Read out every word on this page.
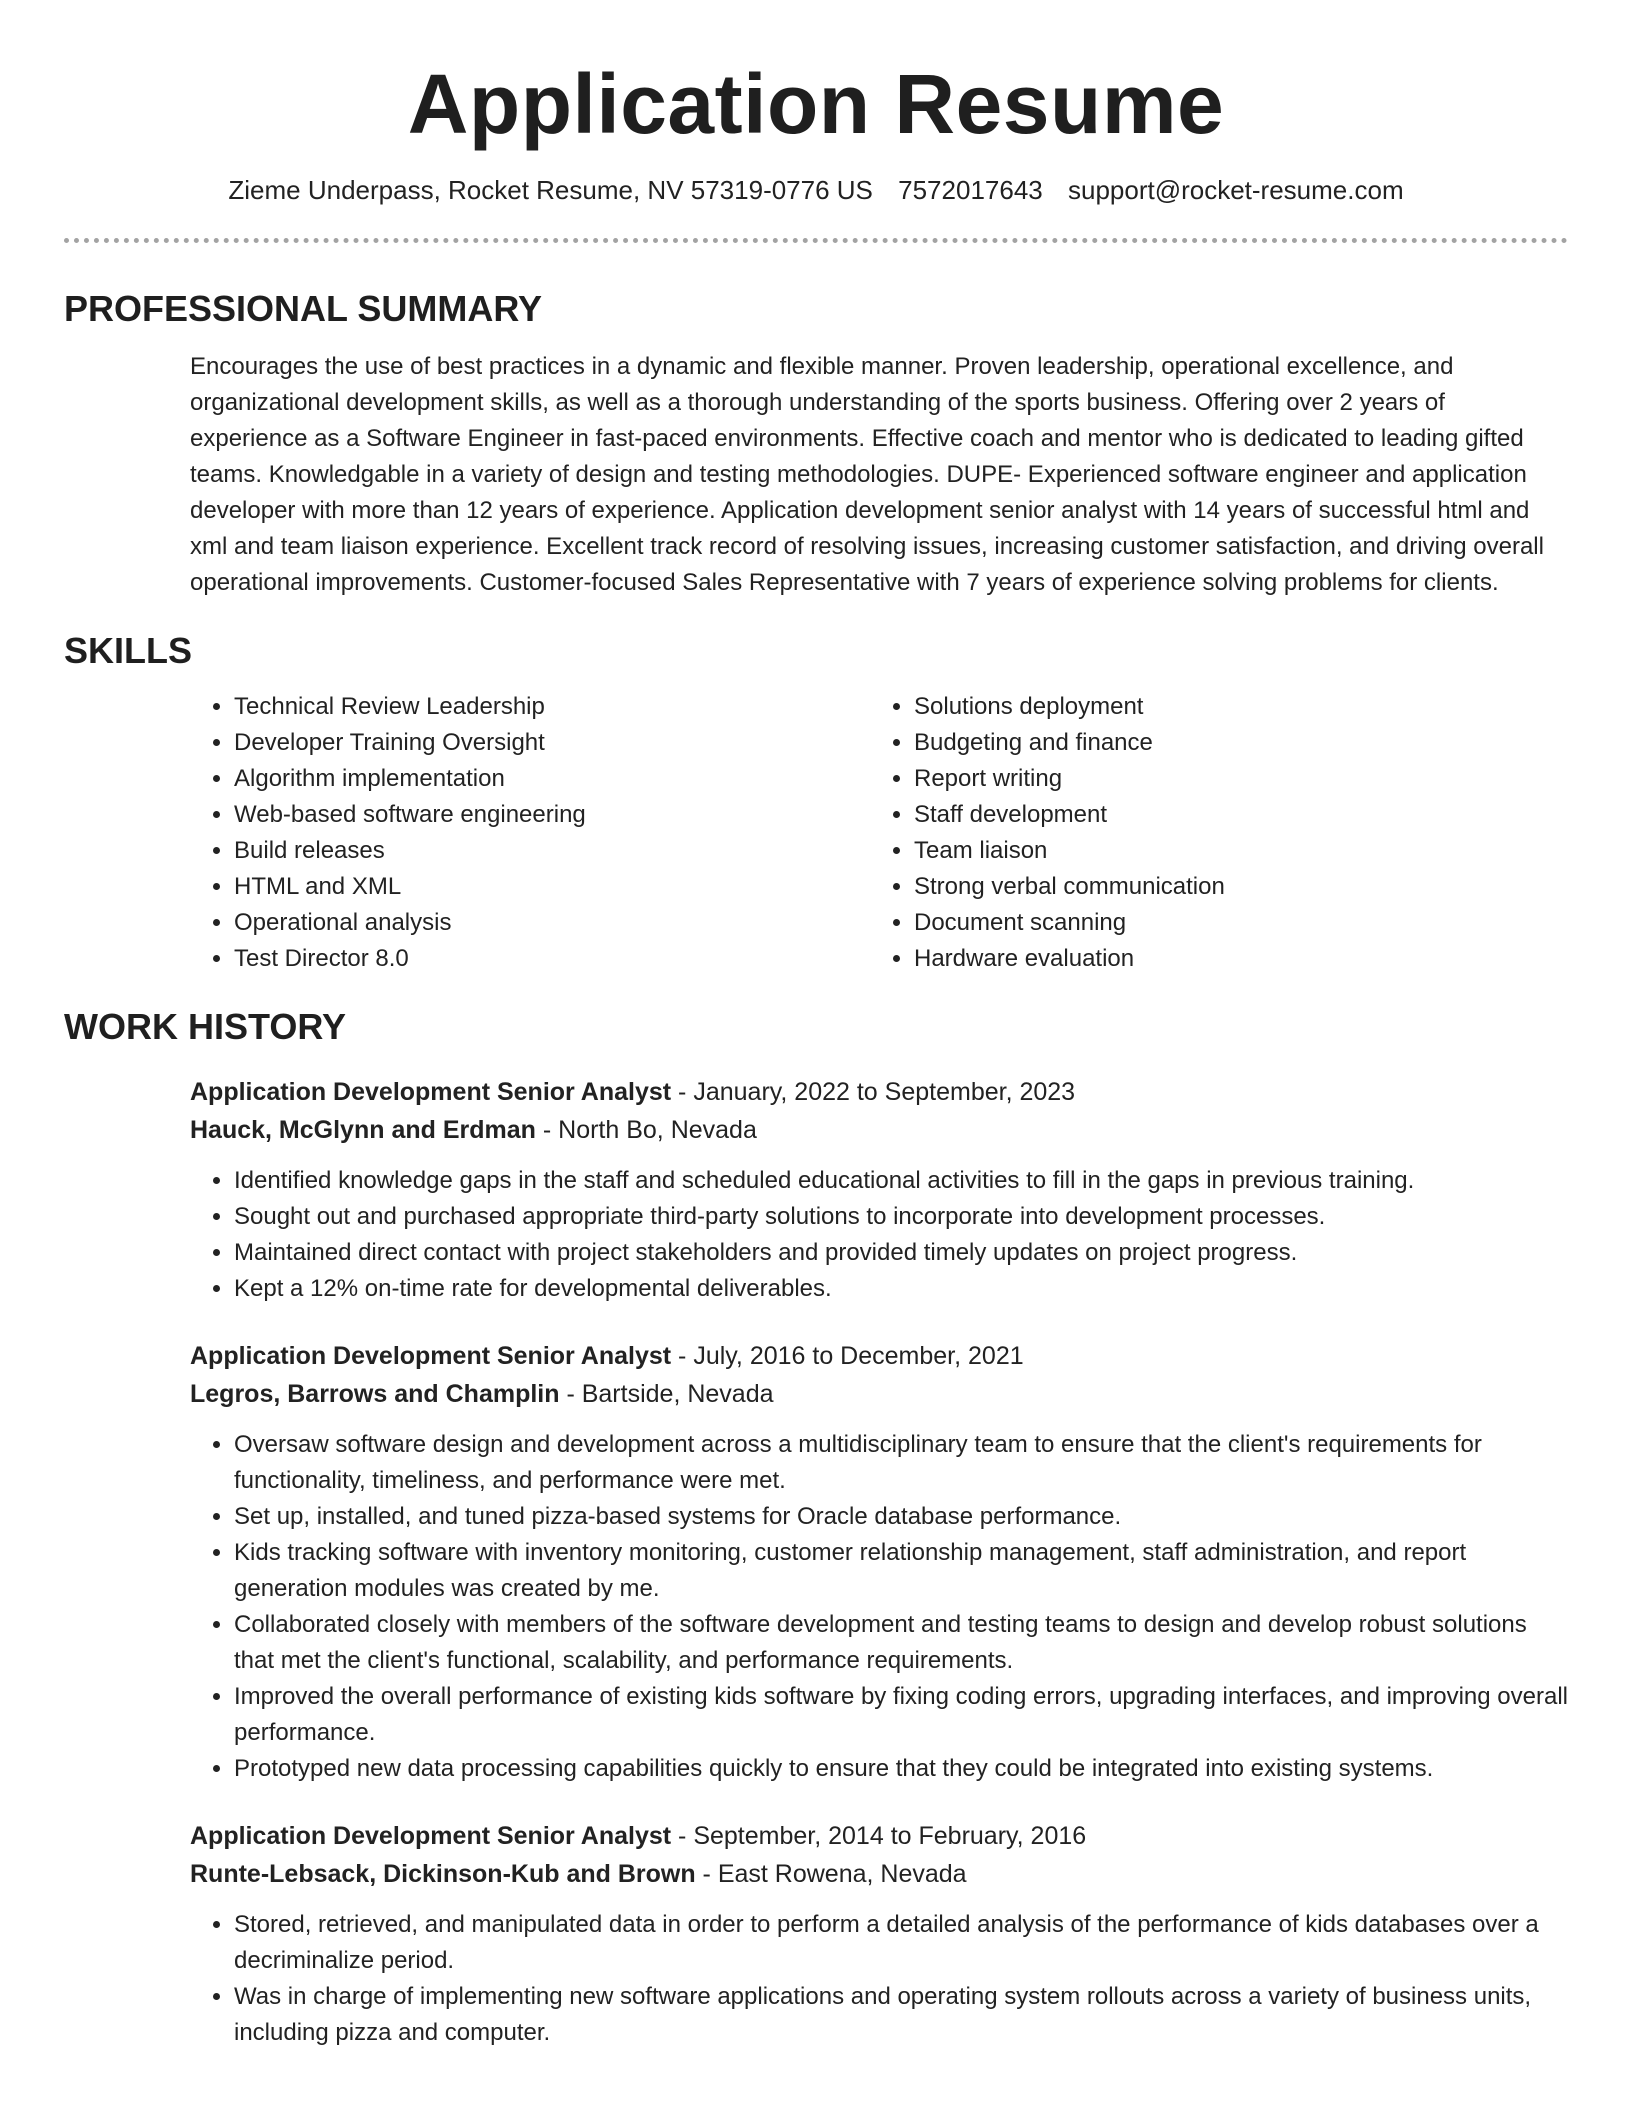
Application Resume
Zieme Underpass, Rocket Resume, NV 57319-0776 US 7572017643 support@rocket-resume.com
PROFESSIONAL SUMMARY

Encourages the use of best practices in a dynamic and flexible manner. Proven leadership, operational excellence, and organizational development skills, as well as a thorough understanding of the sports business. Offering over 2 years of experience as a Software Engineer in fast-paced environments. Effective coach and mentor who is dedicated to leading gifted teams. Knowledgable in a variety of design and testing methodologies. DUPE- Experienced software engineer and application developer with more than 12 years of experience. Application development senior analyst with 14 years of successful html and xml and team liaison experience. Excellent track record of resolving issues, increasing customer satisfaction, and driving overall operational improvements. Customer-focused Sales Representative with 7 years of experience solving problems for clients.

SKILLS
• Technical Review Leadership
• Developer Training Oversight
• Algorithm implementation
• Web-based software engineering
• Build releases
• HTML and XML
• Operational analysis
• Test Director 8.0
• Solutions deployment
• Budgeting and finance
• Report writing
• Staff development
• Team liaison
• Strong verbal communication
• Document scanning
• Hardware evaluation
WORK HISTORY
Application Development Senior Analyst - January, 2022 to September, 2023
Hauck, McGlynn and Erdman - North Bo, Nevada
• Identified knowledge gaps in the staff and scheduled educational activities to fill in the gaps in previous training.
• Sought out and purchased appropriate third-party solutions to incorporate into development processes.
• Maintained direct contact with project stakeholders and provided timely updates on project progress.
• Kept a 12% on-time rate for developmental deliverables.
Application Development Senior Analyst - July, 2016 to December, 2021
Legros, Barrows and Champlin - Bartside, Nevada
• Oversaw software design and development across a multidisciplinary team to ensure that the client's requirements for functionality, timeliness, and performance were met.
• Set up, installed, and tuned pizza-based systems for Oracle database performance.
• Kids tracking software with inventory monitoring, customer relationship management, staff administration, and report generation modules was created by me.
• Collaborated closely with members of the software development and testing teams to design and develop robust solutions that met the client's functional, scalability, and performance requirements.
• Improved the overall performance of existing kids software by fixing coding errors, upgrading interfaces, and improving overall performance.
• Prototyped new data processing capabilities quickly to ensure that they could be integrated into existing systems.
Application Development Senior Analyst - September, 2014 to February, 2016
Runte-Lebsack, Dickinson-Kub and Brown - East Rowena, Nevada
• Stored, retrieved, and manipulated data in order to perform a detailed analysis of the performance of kids databases over a decriminalize period.
• Was in charge of implementing new software applications and operating system rollouts across a variety of business units, including pizza and computer.
